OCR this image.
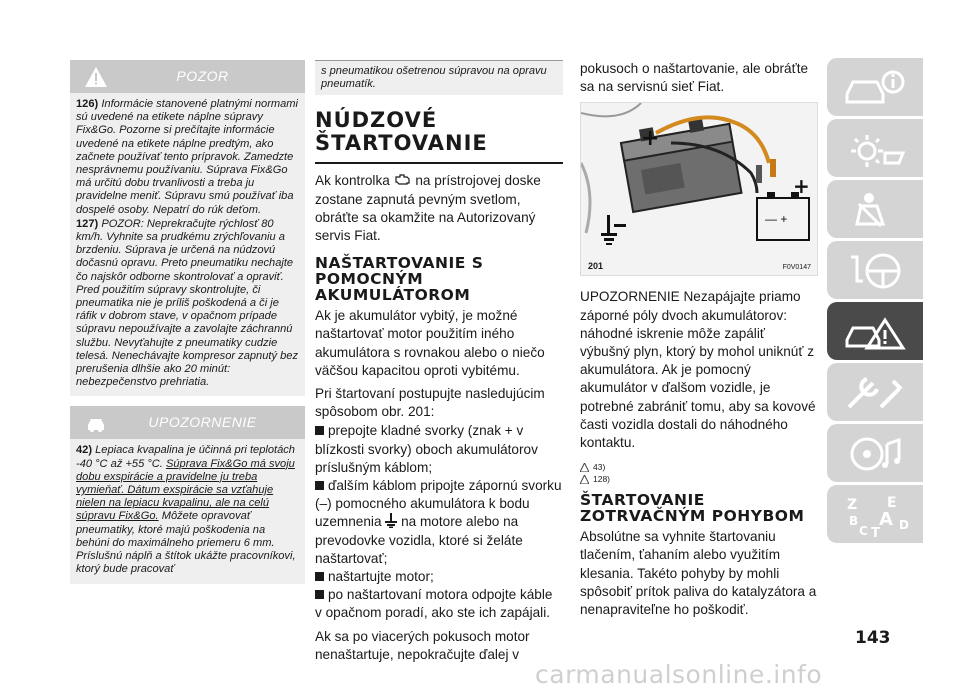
POZOR

126) Informácie stanovené platnými normami sú uvedené na etikete náplne súpravy Fix&Go. Pozorne si prečítajte informácie uvedené na etikete náplne predtým, ako začnete používať tento prípravok. Zamedzte nesprávnemu používaniu. Súprava Fix&Go má určitú dobu trvanlivosti a treba ju pravidelne meniť. Súpravu smú používať iba dospelé osoby. Nepatrí do rúk deťom.

127) POZOR: Neprekračujte rýchlosť 80 km/h. Vyhnite sa prudkému zrýchľovaniu a brzdeniu. Súprava je určená na núdzovú dočasnú opravu. Preto pneumatiku nechajte čo najskôr odborne skontrolovať a opraviť. Pred použitím súpravy skontrolujte, či pneumatika nie je príliš poškodená a či je ráfik v dobrom stave, v opačnom prípade súpravu nepoužívajte a zavolajte záchrannú službu. Nevyťahujte z pneumatiky cudzie telesá. Nenechávajte kompresor zapnutý bez prerušenia dlhšie ako 20 minút: nebezpečenstvo prehriatia.

UPOZORNENIE

42) Lepiaca kvapalina je účinná pri teplotách -40 °C až +55 °C. Súprava Fix&Go má svoju dobu exspirácie a pravidelne ju treba vymieňať. Dátum exspirácie sa vzťahuje nielen na lepiacu kvapalinu, ale na celú súpravu Fix&Go. Môžete opravovať pneumatiky, ktoré majú poškodenia na behúni do maximálneho priemeru 6 mm. Príslušnú náplň a štítok ukážte pracovníkovi, ktorý bude pracovať

s pneumatikou ošetrenou súpravou na opravu pneumatík.
NÚDZOVÉ ŠTARTOVANIE

Ak kontrolka na prístrojovej doske zostane zapnutá pevným svetlom, obráťte sa okamžite na Autorizovaný servis Fiat.

NAŠTARTOVANIE S POMOCNÝM AKUMULÁTOROM

Ak je akumulátor vybitý, je možné naštartovať motor použitím iného akumulátora s rovnakou alebo o niečo väčšou kapacitou oproti vybitému.

Pri štartovaní postupujte nasledujúcim spôsobom obr. 201:

prepojte kladné svorky (znak + v blízkosti svorky) oboch akumulátorov príslušným káblom;
ďalším káblom pripojte zápornú svorku (–) pomocného akumulátora k bodu uzemnenia na motore alebo na prevodovke vozidla, ktoré si želáte naštartovať;
naštartujte motor;
po naštartovaní motora odpojte káble v opačnom poradí, ako ste ich zapájali.

Ak sa po viacerých pokusoch motor nenaštartuje, nepokračujte ďalej v

pokusoch o naštartovanie, ale obráťte sa na servisnú sieť Fiat.

+
+
— +
201	F0V0147

UPOZORNENIE Nezapájajte priamo záporné póly dvoch akumulátorov: náhodné iskrenie môže zapáliť výbušný plyn, ktorý by mohol uniknúť z akumulátora. Ak je pomocný akumulátor v ďalšom vozidle, je potrebné zabrániť tomu, aby sa kovové časti vozidla dostali do náhodného kontaktu.

43)
128)
ŠTARTOVANIE ZOTRVAČNÝM POHYBOM

Absolútne sa vyhnite štartovaniu tlačením, ťahaním alebo využitím klesania. Takéto pohyby by mohli spôsobiť prítok paliva do katalyzátora a nenapraviteľne ho poškodiť.

Z E
B A
C T
D
143
carmanualsonline.info
